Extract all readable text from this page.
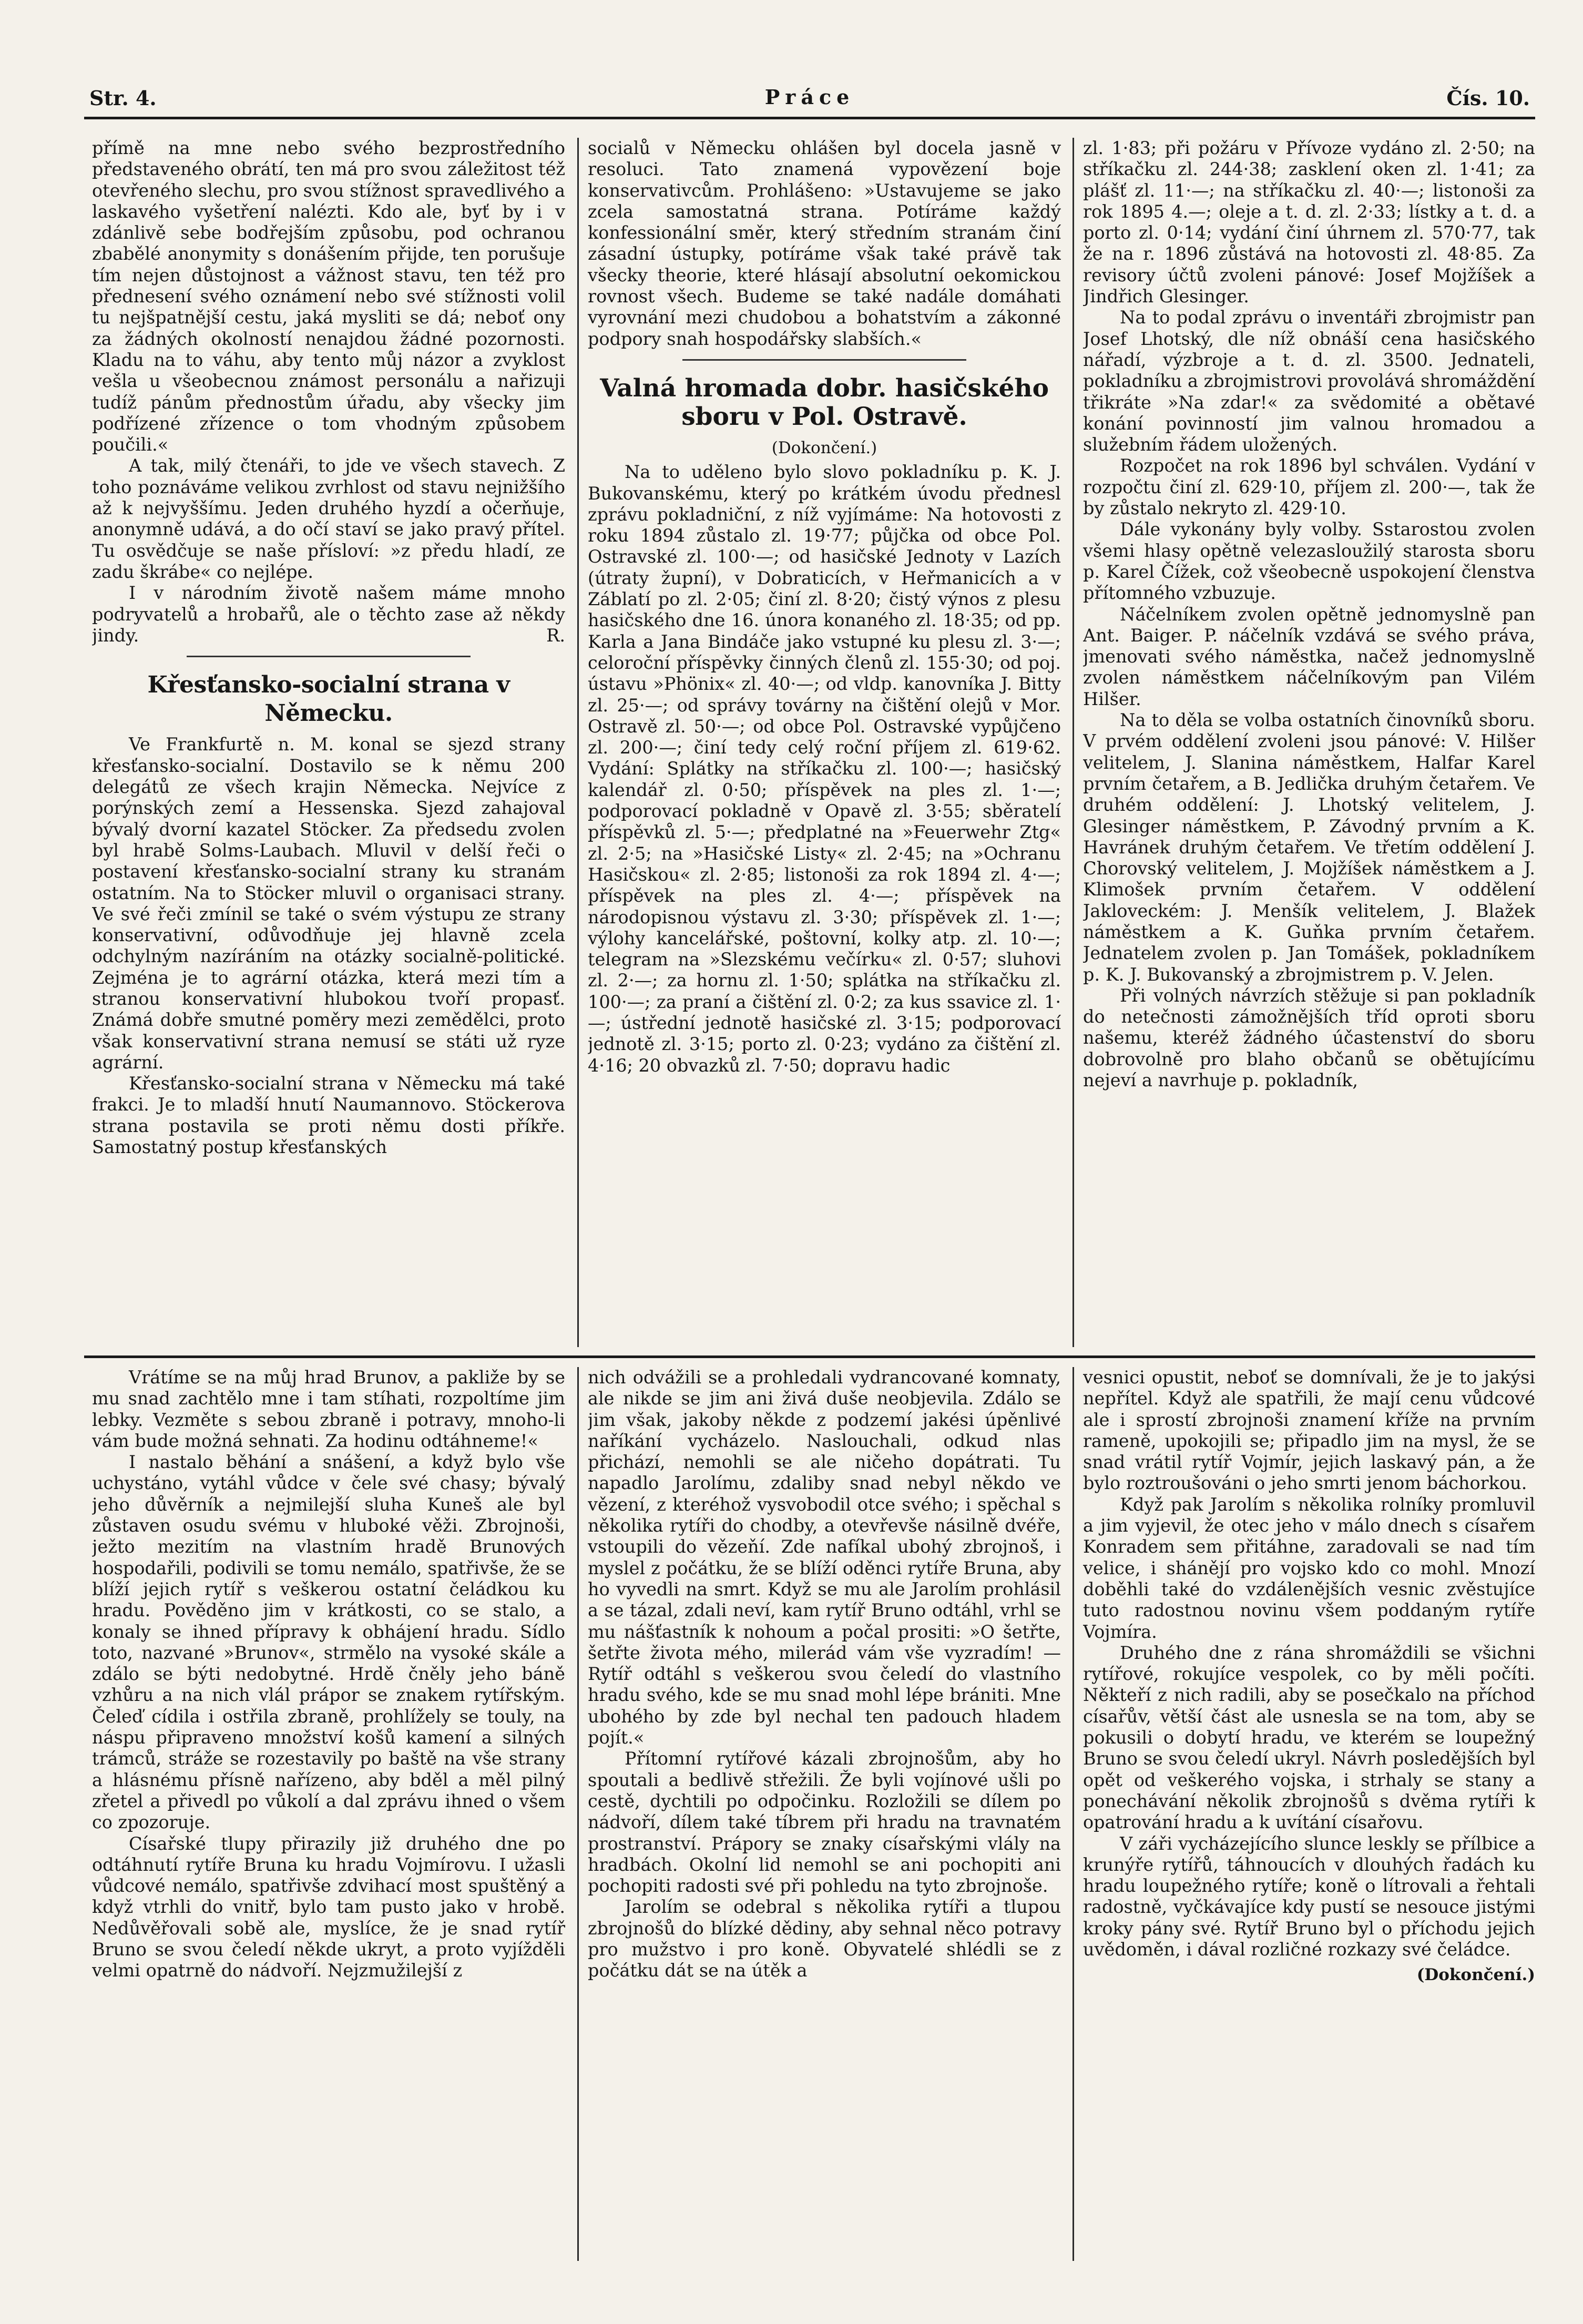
Str. 4.	Práce	Čís. 10.

přímě na mne nebo svého bezprostředního představeného obrátí, ten má pro svou záležitost též otevřeného slechu, pro svou stížnost spravedlivého a laskavého vyšetření nalézti. Kdo ale, byť by i v zdánlivě sebe bodřejším způsobu, pod ochranou zbabělé anonymity s donášením přijde, ten porušuje tím nejen důstojnost a vážnost stavu, ten též pro přednesení svého oznámení nebo své stížnosti volil tu nejšpatnější cestu, jaká mysliti se dá; neboť ony za žádných okolností nenajdou žádné pozornosti. Kladu na to váhu, aby tento můj názor a zvyklost vešla u všeobecnou známost personálu a nařizuji tudíž pánům přednostům úřadu, aby všecky jim podřízené zřízence o tom vhodným způsobem poučili.«

A tak, milý čtenáři, to jde ve všech stavech. Z toho poznáváme velikou zvrhlost od stavu nejnižšího až k nejvyššímu. Jeden druhého hyzdí a očerňuje, anonymně udává, a do očí staví se jako pravý přítel. Tu osvědčuje se naše přísloví: »z předu hladí, ze zadu škrábe« co nejlépe.

I v národním životě našem máme mnoho podryvatelů a hrobařů, ale o těchto zase až někdy jindy.	R.

Křesťansko-socialní strana v Německu.

Ve Frankfurtě n. M. konal se sjezd strany křesťansko-socialní. Dostavilo se k němu 200 delegátů ze všech krajin Německa. Nejvíce z porýnských zemí a Hessenska. Sjezd zahajoval bývalý dvorní kazatel Stöcker. Za předsedu zvolen byl hrabě Solms-Laubach. Mluvil v delší řeči o postavení křesťansko-socialní strany ku stranám ostatním. Na to Stöcker mluvil o organisaci strany. Ve své řeči zmínil se také o svém výstupu ze strany konservativní, odůvodňuje jej hlavně zcela odchylným nazíráním na otázky socialně-politické. Zejména je to agrární otázka, která mezi tím a stranou konservativní hlubokou tvoří propasť. Známá dobře smutné poměry mezi zemědělci, proto však konservativní strana nemusí se státi už ryze agrární.

Křesťansko-socialní strana v Německu má také frakci. Je to mladší hnutí Naumannovo. Stöckerova strana postavila se proti němu dosti příkře. Samostatný postup křesťanských

socialů v Německu ohlášen byl docela jasně v resoluci. Tato znamená vypovězení boje konservativcům. Prohlášeno: »Ustavujeme se jako zcela samostatná strana. Potíráme každý konfessionální směr, který středním stranám činí zásadní ústupky, potíráme však také právě tak všecky theorie, které hlásají absolutní oekomickou rovnost všech. Budeme se také nadále domáhati vyrovnání mezi chudobou a bohatstvím a zákonné podpory snah hospodářsky slabších.«

Valná hromada dobr. hasičského sboru v Pol. Ostravě.

(Dokončení.)

Na to uděleno bylo slovo pokladníku p. K. J. Bukovanskému, který po krátkém úvodu přednesl zprávu pokladniční, z níž vyjímáme: Na hotovosti z roku 1894 zůstalo zl. 19·77; půjčka od obce Pol. Ostravské zl. 100·—; od hasičské Jednoty v Lazích (útraty župní), v Dobraticích, v Heřmanicích a v Záblatí po zl. 2·05; činí zl. 8·20; čistý výnos z plesu hasičského dne 16. února konaného zl. 18·35; od pp. Karla a Jana Bindáče jako vstupné ku plesu zl. 3·—; celoroční příspěvky činných členů zl. 155·30; od poj. ústavu »Phönix« zl. 40·—; od vldp. kanovníka J. Bitty zl. 25·—; od správy továrny na čištění olejů v Mor. Ostravě zl. 50·—; od obce Pol. Ostravské vypůjčeno zl. 200·—; činí tedy celý roční příjem zl. 619·62. Vydání: Splátky na stříkačku zl. 100·—; hasičský kalendář zl. 0·50; příspěvek na ples zl. 1·—; podporovací pokladně v Opavě zl. 3·55; sběratelí příspěvků zl. 5·—; předplatné na »Feuerwehr Ztg« zl. 2·5; na »Hasičské Listy« zl. 2·45; na »Ochranu Hasičskou« zl. 2·85; listonoši za rok 1894 zl. 4·—; příspěvek na ples zl. 4·—; příspěvek na národopisnou výstavu zl. 3·30; příspěvek zl. 1·—; výlohy kancelářské, poštovní, kolky atp. zl. 10·—; telegram na »Slezskému večírku« zl. 0·57; sluhovi zl. 2·—; za hornu zl. 1·50; splátka na stříkačku zl. 100·—; za praní a čištění zl. 0·2; za kus ssavice zl. 1·—; ústřední jednotě hasičské zl. 3·15; podporovací jednotě zl. 3·15; porto zl. 0·23; vydáno za čištění zl. 4·16; 20 obvazků zl. 7·50; dopravu hadic

zl. 1·83; při požáru v Přívoze vydáno zl. 2·50; na stříkačku zl. 244·38; zasklení oken zl. 1·41; za plášť zl. 11·—; na stříkačku zl. 40·—; listonoši za rok 1895 4.—; oleje a t. d. zl. 2·33; lístky a t. d. a porto zl. 0·14; vydání činí úhrnem zl. 570·77, tak že na r. 1896 zůstává na hotovosti zl. 48·85. Za revisory účtů zvoleni pánové: Josef Mojžíšek a Jindřich Glesinger.

Na to podal zprávu o inventáři zbrojmistr pan Josef Lhotský, dle níž obnáší cena hasičského nářadí, výzbroje a t. d. zl. 3500. Jednateli, pokladníku a zbrojmistrovi provolává shromáždění třikráte »Na zdar!« za svědomité a obětavé konání povinností jim valnou hromadou a služebním řádem uložených.

Rozpočet na rok 1896 byl schválen. Vydání v rozpočtu činí zl. 629·10, příjem zl. 200·—, tak že by zůstalo nekryto zl. 429·10.

Dále vykonány byly volby. Sstarostou zvolen všemi hlasy opětně velezasloužilý starosta sboru p. Karel Čížek, což všeobecně uspokojení členstva přítomného vzbuzuje.

Náčelníkem zvolen opětně jednomyslně pan Ant. Baiger. P. náčelník vzdává se svého práva, jmenovati svého náměstka, načež jednomyslně zvolen náměstkem náčelníkovým pan Vilém Hilšer.

Na to děla se volba ostatních činovníků sboru. V prvém oddělení zvoleni jsou pánové: V. Hilšer velitelem, J. Slanina náměstkem, Halfar Karel prvním četařem, a B. Jedlička druhým četařem. Ve druhém oddělení: J. Lhotský velitelem, J. Glesinger náměstkem, P. Závodný prvním a K. Havránek druhým četařem. Ve třetím oddělení J. Chorovský velitelem, J. Mojžíšek náměstkem a J. Klimošek prvním četařem. V oddělení Jakloveckém: J. Menšík velitelem, J. Blažek náměstkem a K. Guňka prvním četařem. Jednatelem zvolen p. Jan Tomášek, pokladníkem p. K. J. Bukovanský a zbrojmistrem p. V. Jelen.

Při volných návrzích stěžuje si pan pokladník do netečnosti zámožnějších tříd oproti sboru našemu, kteréž žádného účastenství do sboru dobrovolně pro blaho občanů se obětujícímu nejeví a navrhuje p. pokladník,

Vrátíme se na můj hrad Brunov, a pakliže by se mu snad zachtělo mne i tam stíhati, rozpoltíme jim lebky. Vezměte s sebou zbraně i potravy, mnoho-li vám bude možná sehnati. Za hodinu odtáhneme!«

I nastalo běhání a snášení, a když bylo vše uchystáno, vytáhl vůdce v čele své chasy; bývalý jeho důvěrník a nejmilejší sluha Kuneš ale byl zůstaven osudu svému v hluboké věži. Zbrojnoši, ježto mezitím na vlastním hradě Brunových hospodařili, podivili se tomu nemálo, spatřivše, že se blíží jejich rytíř s veškerou ostatní čeládkou ku hradu. Pověděno jim v krátkosti, co se stalo, a konaly se ihned přípravy k obhájení hradu. Sídlo toto, nazvané »Brunov«, strmělo na vysoké skále a zdálo se býti nedobytné. Hrdě čněly jeho báně vzhůru a na nich vlál prápor se znakem rytířským. Čeleď cídila i ostřila zbraně, prohlížely se touly, na náspu připraveno množství košů kamení a silných trámců, stráže se rozestavily po baště na vše strany a hlásnému přísně nařízeno, aby bděl a měl pilný zřetel a přivedl po vůkolí a dal zprávu ihned o všem co zpozoruje.

Císařské tlupy přirazily již druhého dne po odtáhnutí rytíře Bruna ku hradu Vojmírovu. I užasli vůdcové nemálo, spatřivše zdvihací most spuštěný a když vtrhli do vnitř, bylo tam pusto jako v hrobě. Nedůvěřovali sobě ale, myslíce, že je snad rytíř Bruno se svou čeledí někde ukryt, a proto vyjížděli velmi opatrně do nádvoří. Nejzmužilejší z

nich odvážili se a prohledali vydrancované komnaty, ale nikde se jim ani živá duše neobjevila. Zdálo se jim však, jakoby někde z podzemí jakési úpěnlivé naříkání vycházelo. Naslouchali, odkud nlas přichází, nemohli se ale ničeho dopátrati. Tu napadlo Jarolímu, zdaliby snad nebyl někdo ve vězení, z kteréhož vysvobodil otce svého; i spěchal s několika rytíři do chodby, a otevřevše násilně dvéře, vstoupili do vězeňí. Zde nafíkal ubohý zbrojnoš, i myslel z počátku, že se blíží oděnci rytíře Bruna, aby ho vyvedli na smrt. Když se mu ale Jarolím prohlásil a se tázal, zdali neví, kam rytíř Bruno odtáhl, vrhl se mu nášťastník k nohoum a počal prositi: »O šetřte, šetřte života mého, milerád vám vše vyzradím! — Rytíř odtáhl s veškerou svou čeledí do vlastního hradu svého, kde se mu snad mohl lépe brániti. Mne ubohého by zde byl nechal ten padouch hladem pojít.«

Přítomní rytířové kázali zbrojnošům, aby ho spoutali a bedlivě střežili. Že byli vojínové ušli po cestě, dychtili po odpočinku. Rozložili se dílem po nádvoří, dílem také tíbrem při hradu na travnatém prostranství. Prápory se znaky císařskými vlály na hradbách. Okolní lid nemohl se ani pochopiti ani pochopiti radosti své při pohledu na tyto zbrojnoše.

Jarolím se odebral s několika rytíři a tlupou zbrojnošů do blízké dědiny, aby sehnal něco potravy pro mužstvo i pro koně. Obyvatelé shlédli se z počátku dát se na útěk a

vesnici opustit, neboť se domnívali, že je to jakýsi nepřítel. Když ale spatřili, že mají cenu vůdcové ale i sprostí zbrojnoši znamení kříže na prvním rameně, upokojili se; připadlo jim na mysl, že se snad vrátil rytíř Vojmír, jejich laskavý pán, a že bylo roztroušováni o jeho smrti jenom báchorkou.

Když pak Jarolím s několika rolníky promluvil a jim vyjevil, že otec jeho v málo dnech s císařem Konradem sem přitáhne, zaradovali se nad tím velice, i shánějí pro vojsko kdo co mohl. Mnozí doběhli také do vzdálenějších vesnic zvěstujíce tuto radostnou novinu všem poddaným rytíře Vojmíra.

Druhého dne z rána shromáždili se všichni rytířové, rokujíce vespolek, co by měli počíti. Někteří z nich radili, aby se posečkalo na příchod císařův, větší část ale usnesla se na tom, aby se pokusili o dobytí hradu, ve kterém se loupežný Bruno se svou čeledí ukryl. Návrh posledějších byl opět od veškerého vojska, i strhaly se stany a ponechávání několik zbrojnošů s dvěma rytíři k opatrování hradu a k uvítání císařovu.

V záři vycházejícího slunce leskly se přílbice a krunýře rytířů, táhnoucích v dlouhých řadách ku hradu loupežného rytíře; koně o lítrovali a řehtali radostně, vyčkávajíce kdy pustí se nesouce jistými kroky pány své. Rytíř Bruno byl o příchodu jejich uvědoměn, i dával rozličné rozkazy své čeládce.

(Dokončení.)
